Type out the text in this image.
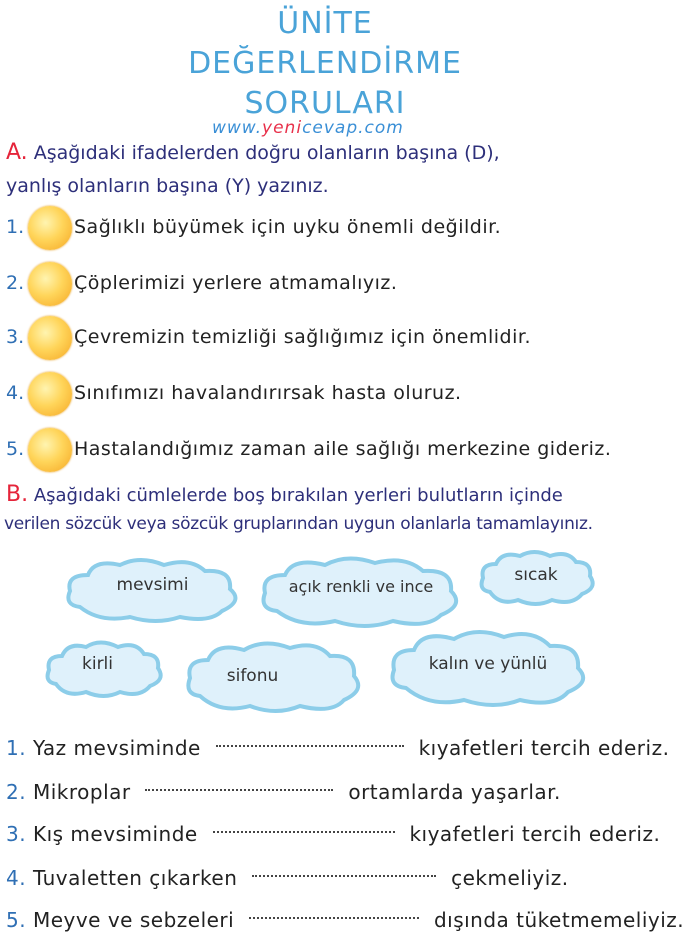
ÜNİTE
DEĞERLENDİRME
SORULARI
www.yenicevap.com
A. Aşağıdaki ifadelerden doğru olanların başına (D),
yanlış olanların başına (Y) yazınız.
1.	Sağlıklı büyümek için uyku önemli değildir.
2.	Çöplerimizi yerlere atmamalıyız.
3.	Çevremizin temizliği sağlığımız için önemlidir.
4.	Sınıfımızı havalandırırsak hasta oluruz.
5.	Hastalandığımız zaman aile sağlığı merkezine gideriz.
B. Aşağıdaki cümlelerde boş bırakılan yerleri bulutların içinde
verilen sözcük veya sözcük gruplarından uygun olanlarla tamamlayınız.
mevsimi	açık renkli ve ince
sıcak
kirli
sifonu
kalın ve yünlü
1. Yaz mevsiminde	kıyafetleri tercih ederiz.
2. Mikroplar	ortamlarda yaşarlar.
3. Kış mevsiminde	kıyafetleri tercih ederiz.
4. Tuvaletten çıkarken	çekmeliyiz.
5. Meyve ve sebzeleri	dışında tüketmemeliyiz.
